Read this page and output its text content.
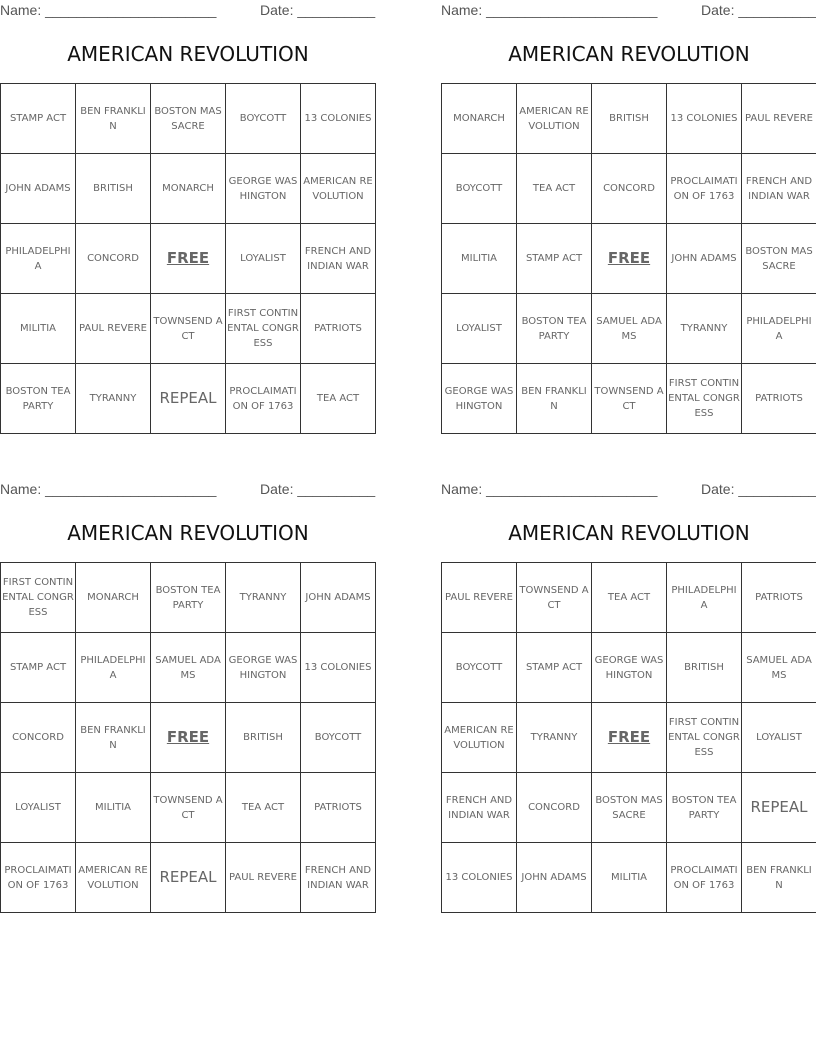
Name: ______________________	Date: __________
AMERICAN REVOLUTION
STAMP ACT	BEN FRANKLIN	BOSTON MASSACRE	BOYCOTT	13 COLONIES

JOHN ADAMS	BRITISH	MONARCH	GEORGE WASHINGTON	AMERICAN REVOLUTION

PHILADELPHIA	CONCORD	FREE	LOYALIST	FRENCH AND INDIAN WAR

MILITIA	PAUL REVERE	TOWNSEND ACT	FIRST CONTINENTAL CONGRESS	PATRIOTS

BOSTON TEA PARTY	TYRANNY	REPEAL	PROCLAIMATION OF 1763	TEA ACT
Name: ______________________	Date: __________
AMERICAN REVOLUTION
MONARCH	AMERICAN REVOLUTION	BRITISH	13 COLONIES	PAUL REVERE

BOYCOTT	TEA ACT	CONCORD	PROCLAIMATION OF 1763	FRENCH AND INDIAN WAR

MILITIA	STAMP ACT	FREE	JOHN ADAMS	BOSTON MASSACRE

LOYALIST	BOSTON TEA PARTY	SAMUEL ADAMS	TYRANNY	PHILADELPHIA

GEORGE WASHINGTON	BEN FRANKLIN	TOWNSEND ACT	FIRST CONTINENTAL CONGRESS	PATRIOTS
Name: ______________________	Date: __________
AMERICAN REVOLUTION
FIRST CONTINENTAL CONGRESS	MONARCH	BOSTON TEA PARTY	TYRANNY	JOHN ADAMS

STAMP ACT	PHILADELPHIA	SAMUEL ADAMS	GEORGE WASHINGTON	13 COLONIES

CONCORD	BEN FRANKLIN	FREE	BRITISH	BOYCOTT

LOYALIST	MILITIA	TOWNSEND ACT	TEA ACT	PATRIOTS

PROCLAIMATION OF 1763	AMERICAN REVOLUTION	REPEAL	PAUL REVERE	FRENCH AND INDIAN WAR
Name: ______________________	Date: __________
AMERICAN REVOLUTION
PAUL REVERE	TOWNSEND ACT	TEA ACT	PHILADELPHIA	PATRIOTS

BOYCOTT	STAMP ACT	GEORGE WASHINGTON	BRITISH	SAMUEL ADAMS

AMERICAN REVOLUTION	TYRANNY	FREE	FIRST CONTINENTAL CONGRESS	LOYALIST

FRENCH AND INDIAN WAR	CONCORD	BOSTON MASSACRE	BOSTON TEA PARTY	REPEAL

13 COLONIES	JOHN ADAMS	MILITIA	PROCLAIMATION OF 1763	BEN FRANKLIN
